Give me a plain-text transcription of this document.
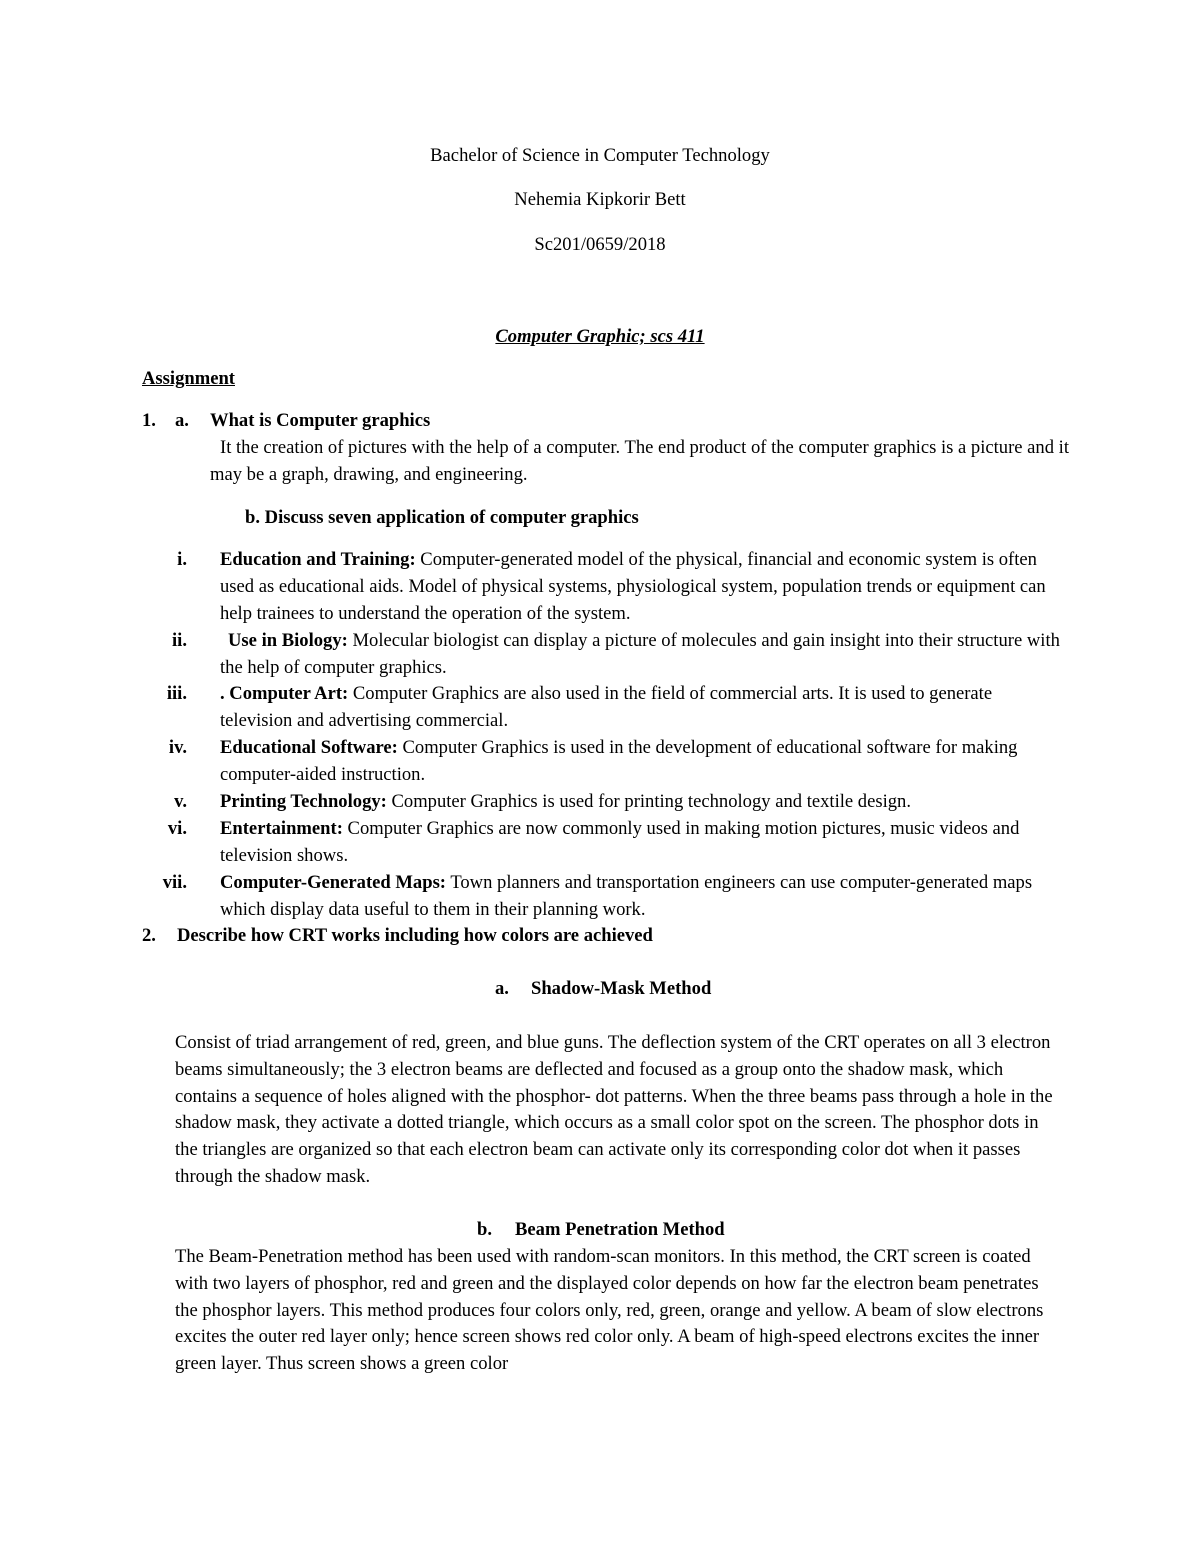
Bachelor of Science in Computer Technology
Nehemia Kipkorir Bett
Sc201/0659/2018
Computer Graphic; scs 411
Assignment
1. a. What is Computer graphics
It the creation of pictures with the help of a computer. The end product of the computer graphics is a picture and it may be a graph, drawing, and engineering.
b. Discuss seven application of computer graphics
i. Education and Training: Computer-generated model of the physical, financial and economic system is often used as educational aids. Model of physical systems, physiological system, population trends or equipment can help trainees to understand the operation of the system.
ii.	Use in Biology: Molecular biologist can display a picture of molecules and gain insight into their structure with the help of computer graphics.
iii. . Computer Art: Computer Graphics are also used in the field of commercial arts. It is used to generate television and advertising commercial.
iv. Educational Software: Computer Graphics is used in the development of educational software for making computer-aided instruction.
v. Printing Technology: Computer Graphics is used for printing technology and textile design.
vi. Entertainment: Computer Graphics are now commonly used in making motion pictures, music videos and television shows.
vii. Computer-Generated Maps: Town planners and transportation engineers can use computer-generated maps which display data useful to them in their planning work.
2. Describe how CRT works including how colors are achieved
a. Shadow-Mask Method
Consist of triad arrangement of red, green, and blue guns. The deflection system of the CRT operates on all 3 electron beams simultaneously; the 3 electron beams are deflected and focused as a group onto the shadow mask, which contains a sequence of holes aligned with the phosphor- dot patterns. When the three beams pass through a hole in the shadow mask, they activate a dotted triangle, which occurs as a small color spot on the screen. The phosphor dots in the triangles are organized so that each electron beam can activate only its corresponding color dot when it passes through the shadow mask.
b. Beam Penetration Method
The Beam-Penetration method has been used with random-scan monitors. In this method, the CRT screen is coated with two layers of phosphor, red and green and the displayed color depends on how far the electron beam penetrates the phosphor layers. This method produces four colors only, red, green, orange and yellow. A beam of slow electrons excites the outer red layer only; hence screen shows red color only. A beam of high-speed electrons excites the inner green layer. Thus screen shows a green color
